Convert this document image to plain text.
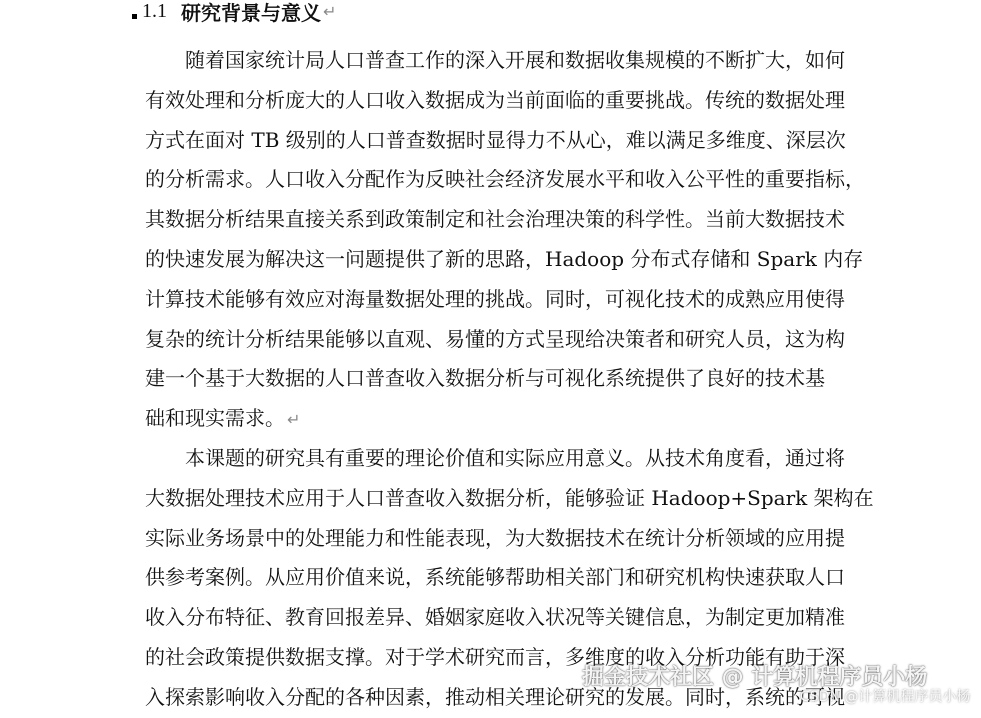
1.1 研究背景与意义 ↵
随着国家统计局人口普查工作的深入开展和数据收集规模的不断扩大，如何
有效处理和分析庞大的人口收入数据成为当前面临的重要挑战。传统的数据处理
方式在面对 TB 级别的人口普查数据时显得力不从心，难以满足多维度、深层次
的分析需求。人口收入分配作为反映社会经济发展水平和收入公平性的重要指标，
其数据分析结果直接关系到政策制定和社会治理决策的科学性。当前大数据技术
的快速发展为解决这一问题提供了新的思路，Hadoop 分布式存储和 Spark 内存
计算技术能够有效应对海量数据处理的挑战。同时，可视化技术的成熟应用使得
复杂的统计分析结果能够以直观、易懂的方式呈现给决策者和研究人员，这为构
建一个基于大数据的人口普查收入数据分析与可视化系统提供了良好的技术基
础和现实需求。 ↵
本课题的研究具有重要的理论价值和实际应用意义。从技术角度看，通过将
大数据处理技术应用于人口普查收入数据分析，能够验证 Hadoop+Spark 架构在
实际业务场景中的处理能力和性能表现，为大数据技术在统计分析领域的应用提
供参考案例。从应用价值来说，系统能够帮助相关部门和研究机构快速获取人口
收入分布特征、教育回报差异、婚姻家庭收入状况等关键信息，为制定更加精准
的社会政策提供数据支撑。对于学术研究而言，多维度的收入分析功能有助于深
入探索影响收入分配的各种因素，推动相关理论研究的发展。同时，系统的可视
掘金技术社区 @ 计算机程序员小杨
CSDN @计算机程序员小杨
